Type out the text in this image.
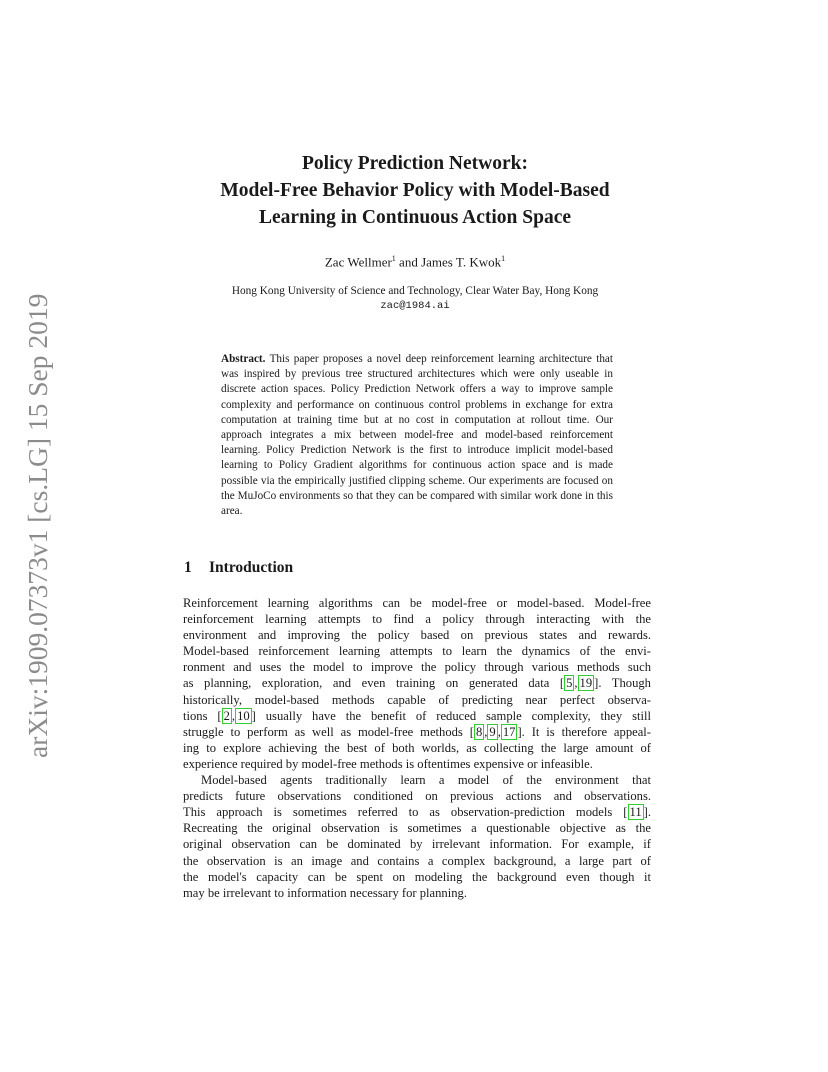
arXiv:1909.07373v1 [cs.LG] 15 Sep 2019
Policy Prediction Network:
Model-Free Behavior Policy with Model-Based
Learning in Continuous Action Space
Zac Wellmer$^1$ and James T. Kwok$^1$
Hong Kong University of Science and Technology, Clear Water Bay, Hong Kong
zac@1984.ai
Abstract. This paper proposes a novel deep reinforcement learning architecture that was inspired by previous tree structured architectures which were only useable in discrete action spaces. Policy Prediction Network offers a way to improve sample complexity and performance on continuous control problems in exchange for extra computation at training time but at no cost in computation at rollout time. Our approach integrates a mix between model-free and model-based reinforcement learning. Policy Prediction Network is the first to introduce implicit model-based learning to Policy Gradient algorithms for continuous action space and is made possible via the empirically justified clipping scheme. Our experiments are focused on the MuJoCo environments so that they can be compared with similar work done in this area.
1 Introduction
Reinforcement learning algorithms can be model-free or model-based. Model-free
reinforcement learning attempts to find a policy through interacting with the
environment and improving the policy based on previous states and rewards.
Model-based reinforcement learning attempts to learn the dynamics of the envi-
ronment and uses the model to improve the policy through various methods such
as planning, exploration, and even training on generated data [ 5 , 19 ]. Though
historically, model-based methods capable of predicting near perfect observa-
tions [ 2 , 10 ] usually have the benefit of reduced sample complexity, they still
struggle to perform as well as model-free methods [ 8 , 9 , 17 ]. It is therefore appeal-
ing to explore achieving the best of both worlds, as collecting the large amount of
experience required by model-free methods is oftentimes expensive or infeasible.
Model-based agents traditionally learn a model of the environment that
predicts future observations conditioned on previous actions and observations.
This approach is sometimes referred to as observation-prediction models [ 11 ].
Recreating the original observation is sometimes a questionable objective as the
original observation can be dominated by irrelevant information. For example, if
the observation is an image and contains a complex background, a large part of
the model's capacity can be spent on modeling the background even though it
may be irrelevant to information necessary for planning.
